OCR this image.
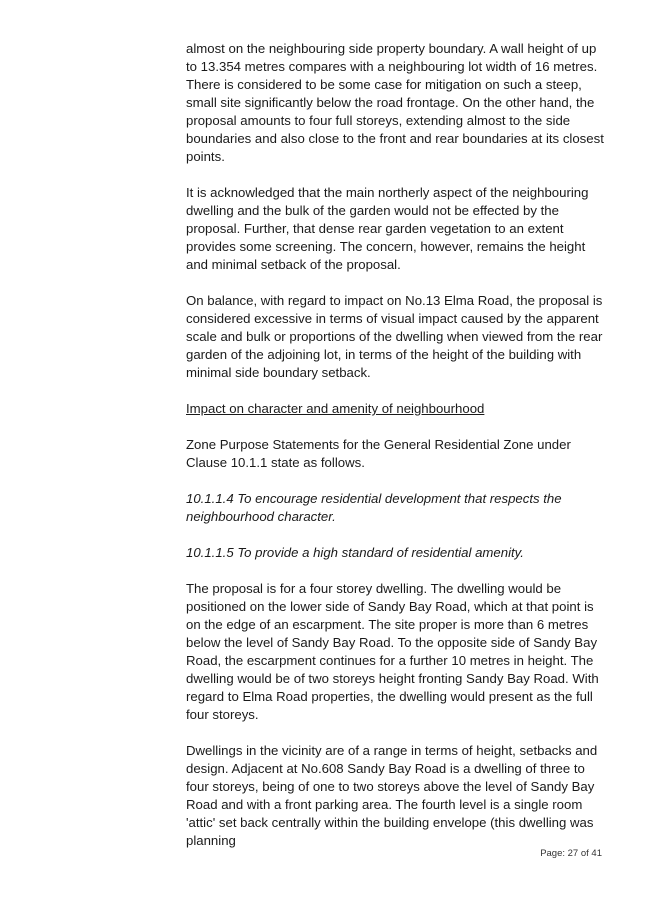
almost on the neighbouring side property boundary. A wall height of up to 13.354 metres compares with a neighbouring lot width of 16 metres. There is considered to be some case for mitigation on such a steep, small site significantly below the road frontage. On the other hand, the proposal amounts to four full storeys, extending almost to the side boundaries and also close to the front and rear boundaries at its closest points.

It is acknowledged that the main northerly aspect of the neighbouring dwelling and the bulk of the garden would not be effected by the proposal. Further, that dense rear garden vegetation to an extent provides some screening. The concern, however, remains the height and minimal setback of the proposal.

On balance, with regard to impact on No.13 Elma Road, the proposal is considered excessive in terms of visual impact caused by the apparent scale and bulk or proportions of the dwelling when viewed from the rear garden of the adjoining lot, in terms of the height of the building with minimal side boundary setback.

Impact on character and amenity of neighbourhood

Zone Purpose Statements for the General Residential Zone under Clause 10.1.1 state as follows.

10.1.1.4 To encourage residential development that respects the neighbourhood character.

10.1.1.5 To provide a high standard of residential amenity.

The proposal is for a four storey dwelling. The dwelling would be positioned on the lower side of Sandy Bay Road, which at that point is on the edge of an escarpment. The site proper is more than 6 metres below the level of Sandy Bay Road. To the opposite side of Sandy Bay Road, the escarpment continues for a further 10 metres in height. The dwelling would be of two storeys height fronting Sandy Bay Road. With regard to Elma Road properties, the dwelling would present as the full four storeys.

Dwellings in the vicinity are of a range in terms of height, setbacks and design. Adjacent at No.608 Sandy Bay Road is a dwelling of three to four storeys, being of one to two storeys above the level of Sandy Bay Road and with a front parking area. The fourth level is a single room 'attic' set back centrally within the building envelope (this dwelling was planning

Page: 27 of 41
